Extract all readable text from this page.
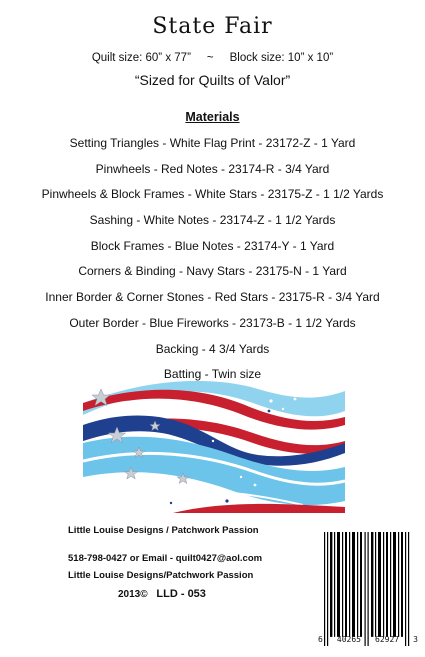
State Fair
Quilt size: 60” x 77” ~ Block size: 10” x 10”
“Sized for Quilts of Valor”
Materials
Setting Triangles - White Flag Print - 23172-Z - 1 Yard
Pinwheels - Red Notes - 23174-R - 3/4 Yard
Pinwheels & Block Frames - White Stars - 23175-Z - 1 1/2 Yards
Sashing - White Notes - 23174-Z - 1 1/2 Yards
Block Frames - Blue Notes - 23174-Y - 1 Yard
Corners & Binding - Navy Stars - 23175-N - 1 Yard
Inner Border & Corner Stones - Red Stars - 23175-R - 3/4 Yard
Outer Border - Blue Fireworks - 23173-B - 1 1/2 Yards
Backing - 4 3/4 Yards
Batting - Twin size
Little Louise Designs / Patchwork Passion
518-798-0427 or Email - quilt0427@aol.com
Little Louise Designs/Patchwork Passion
2013© LLD - 053
6 40265 62927 3
